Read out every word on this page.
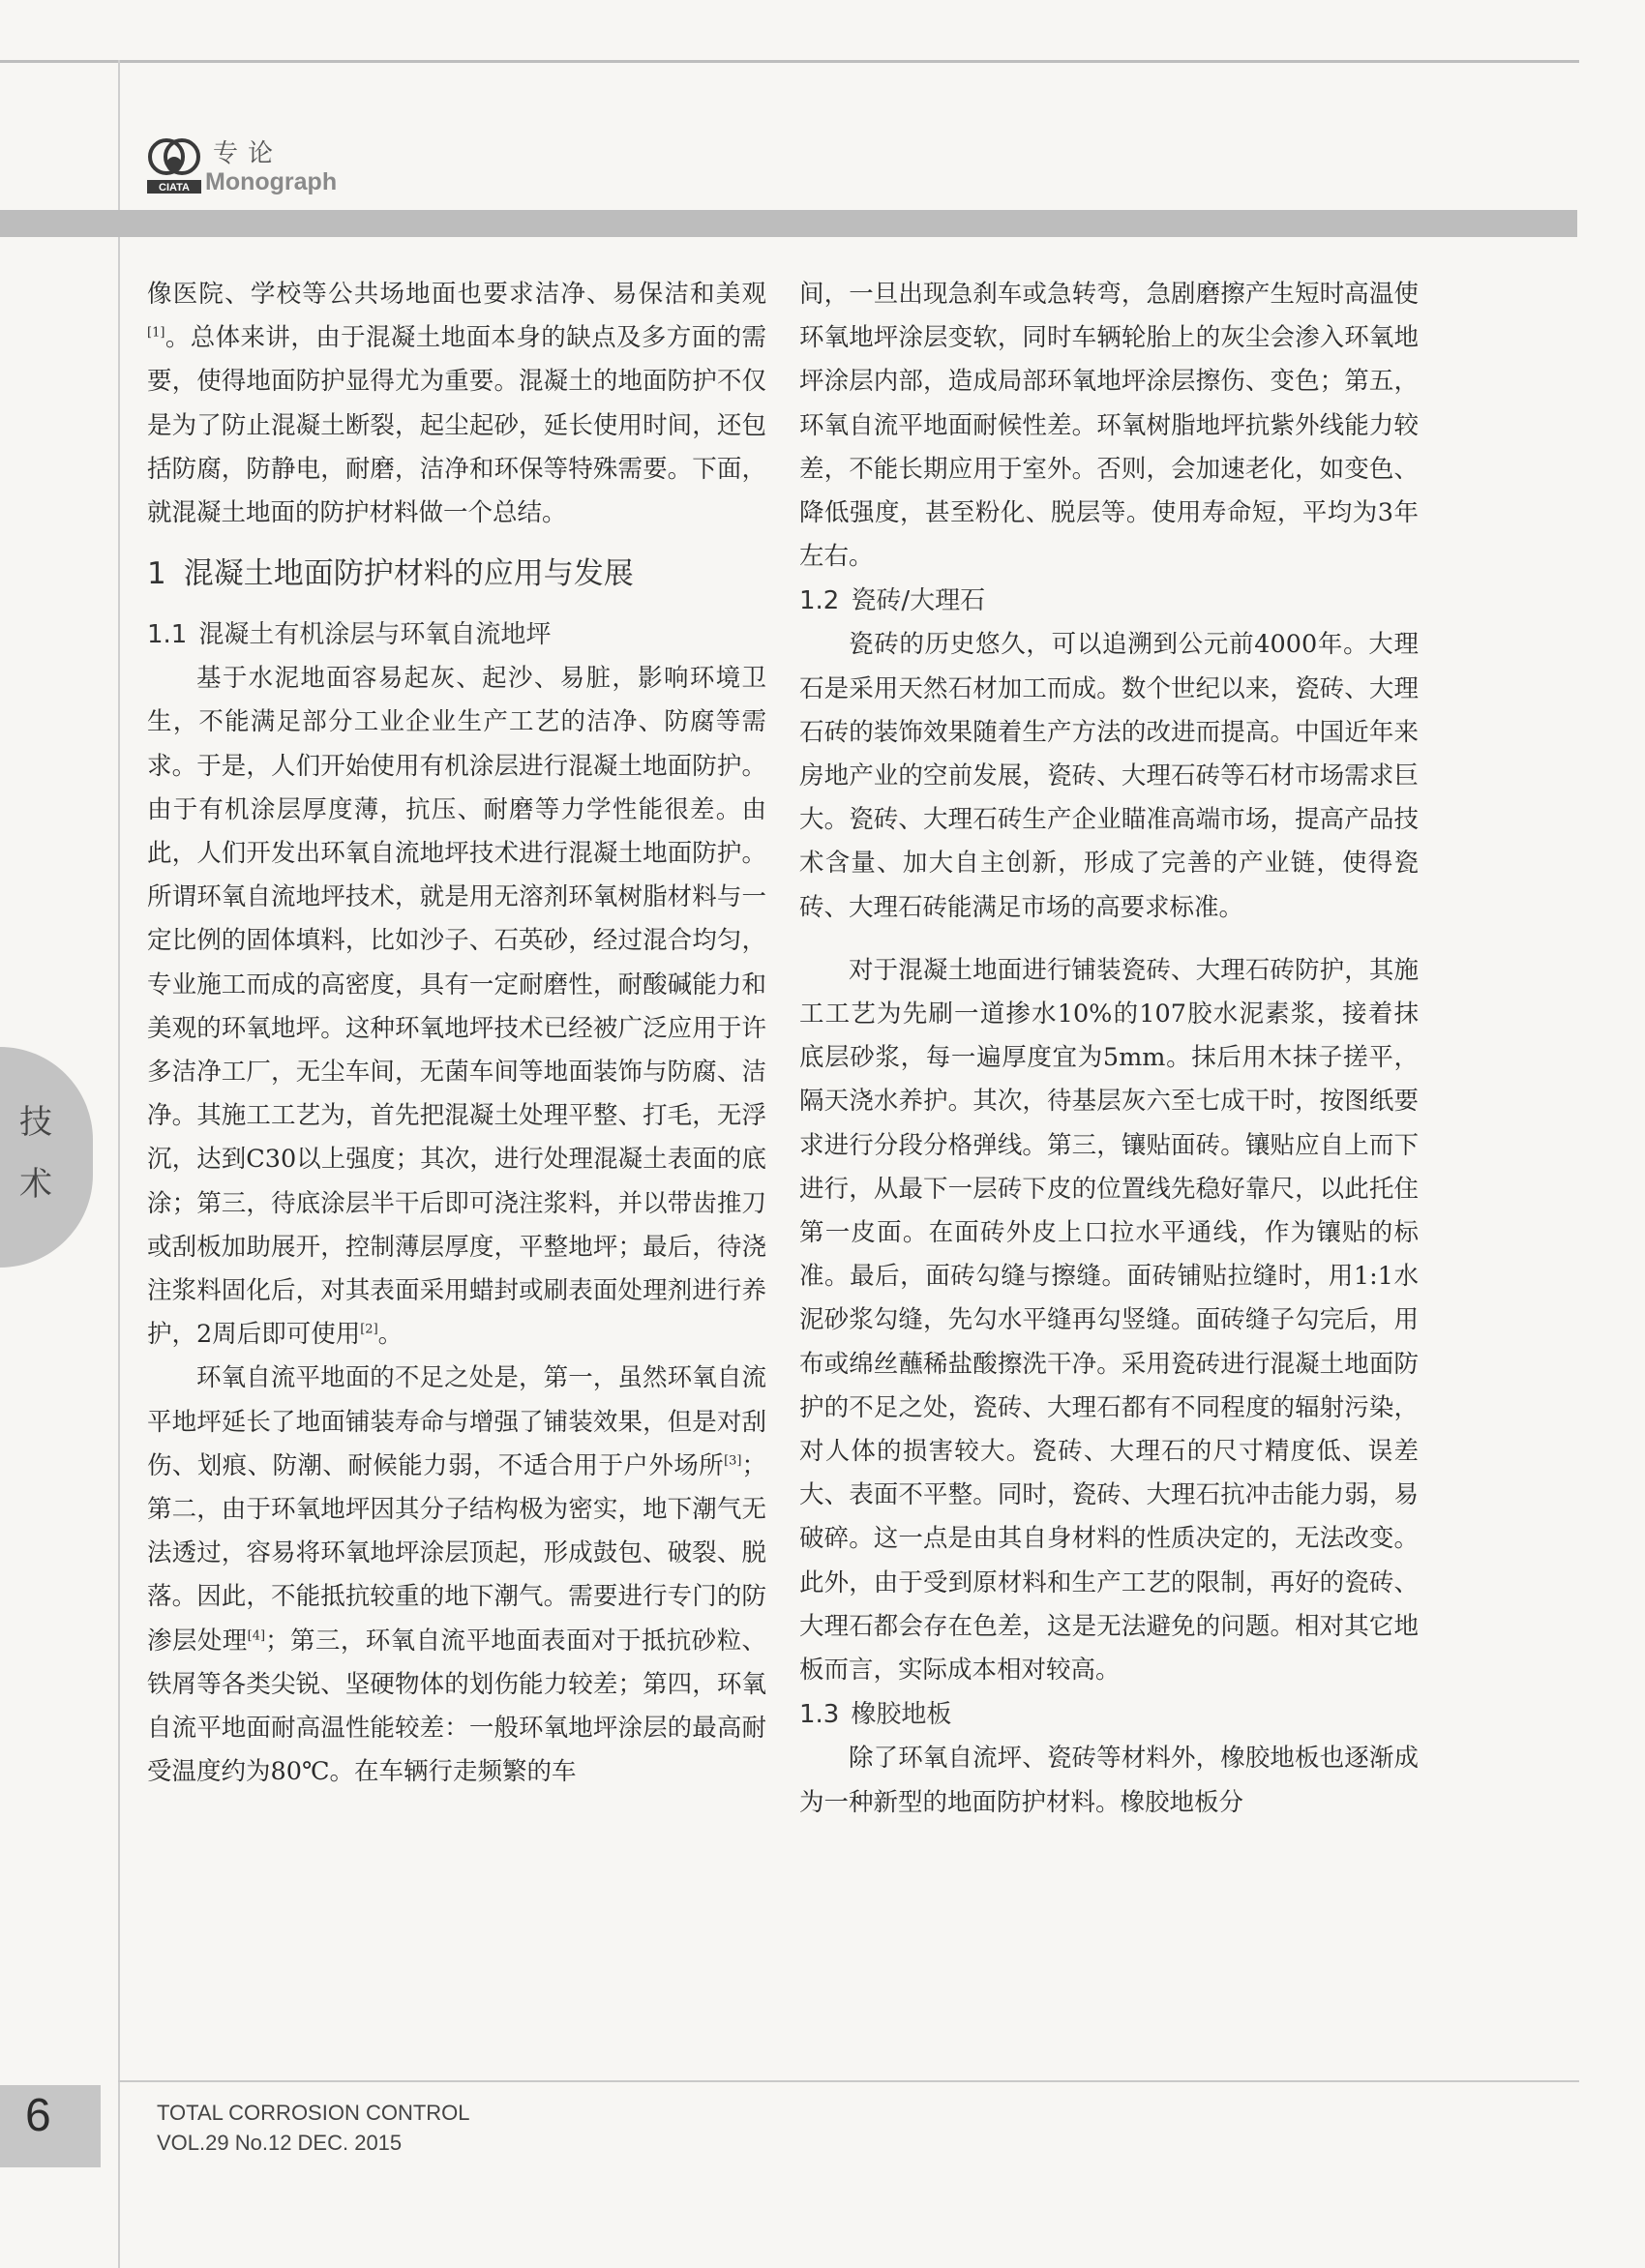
CIATA
专论
Monograph
技术

像医院、学校等公共场地面也要求洁净、易保洁和美观[1]。总体来讲，由于混凝土地面本身的缺点及多方面的需要，使得地面防护显得尤为重要。混凝土的地面防护不仅是为了防止混凝土断裂，起尘起砂，延长使用时间，还包括防腐，防静电，耐磨，洁净和环保等特殊需要。下面，就混凝土地面的防护材料做一个总结。

1 混凝土地面防护材料的应用与发展
1.1 混凝土有机涂层与环氧自流地坪

基于水泥地面容易起灰、起沙、易脏，影响环境卫生，不能满足部分工业企业生产工艺的洁净、防腐等需求。于是，人们开始使用有机涂层进行混凝土地面防护。由于有机涂层厚度薄，抗压、耐磨等力学性能很差。由此，人们开发出环氧自流地坪技术进行混凝土地面防护。所谓环氧自流地坪技术，就是用无溶剂环氧树脂材料与一定比例的固体填料，比如沙子、石英砂，经过混合均匀，专业施工而成的高密度，具有一定耐磨性，耐酸碱能力和美观的环氧地坪。这种环氧地坪技术已经被广泛应用于许多洁净工厂，无尘车间，无菌车间等地面装饰与防腐、洁净。其施工工艺为，首先把混凝土处理平整、打毛，无浮沉，达到C30以上强度；其次，进行处理混凝土表面的底涂；第三，待底涂层半干后即可浇注浆料，并以带齿推刀或刮板加助展开，控制薄层厚度，平整地坪；最后，待浇注浆料固化后，对其表面采用蜡封或刷表面处理剂进行养护，2周后即可使用[2]。

环氧自流平地面的不足之处是，第一，虽然环氧自流平地坪延长了地面铺装寿命与增强了铺装效果，但是对刮伤、划痕、防潮、耐候能力弱，不适合用于户外场所[3]；第二，由于环氧地坪因其分子结构极为密实，地下潮气无法透过，容易将环氧地坪涂层顶起，形成鼓包、破裂、脱落。因此，不能抵抗较重的地下潮气。需要进行专门的防渗层处理[4]；第三，环氧自流平地面表面对于抵抗砂粒、铁屑等各类尖锐、坚硬物体的划伤能力较差；第四，环氧自流平地面耐高温性能较差：一般环氧地坪涂层的最高耐受温度约为80℃。在车辆行走频繁的车

间，一旦出现急刹车或急转弯，急剧磨擦产生短时高温使环氧地坪涂层变软，同时车辆轮胎上的灰尘会渗入环氧地坪涂层内部，造成局部环氧地坪涂层擦伤、变色；第五，环氧自流平地面耐候性差。环氧树脂地坪抗紫外线能力较差，不能长期应用于室外。否则，会加速老化，如变色、降低强度，甚至粉化、脱层等。使用寿命短，平均为3年左右。

1.2 瓷砖/大理石

瓷砖的历史悠久，可以追溯到公元前4000年。大理石是采用天然石材加工而成。数个世纪以来，瓷砖、大理石砖的装饰效果随着生产方法的改进而提高。中国近年来房地产业的空前发展，瓷砖、大理石砖等石材市场需求巨大。瓷砖、大理石砖生产企业瞄准高端市场，提高产品技术含量、加大自主创新，形成了完善的产业链，使得瓷砖、大理石砖能满足市场的高要求标准。

对于混凝土地面进行铺装瓷砖、大理石砖防护，其施工工艺为先刷一道掺水10%的107胶水泥素浆，接着抹底层砂浆，每一遍厚度宜为5mm。抹后用木抹子搓平，隔天浇水养护。其次，待基层灰六至七成干时，按图纸要求进行分段分格弹线。第三，镶贴面砖。镶贴应自上而下进行，从最下一层砖下皮的位置线先稳好靠尺，以此托住第一皮面。在面砖外皮上口拉水平通线，作为镶贴的标准。最后，面砖勾缝与擦缝。面砖铺贴拉缝时，用1:1水泥砂浆勾缝，先勾水平缝再勾竖缝。面砖缝子勾完后，用布或绵丝蘸稀盐酸擦洗干净。采用瓷砖进行混凝土地面防护的不足之处，瓷砖、大理石都有不同程度的辐射污染，对人体的损害较大。瓷砖、大理石的尺寸精度低、误差大、表面不平整。同时，瓷砖、大理石抗冲击能力弱，易破碎。这一点是由其自身材料的性质决定的，无法改变。此外，由于受到原材料和生产工艺的限制，再好的瓷砖、大理石都会存在色差，这是无法避免的问题。相对其它地板而言，实际成本相对较高。

1.3 橡胶地板

除了环氧自流坪、瓷砖等材料外，橡胶地板也逐渐成为一种新型的地面防护材料。橡胶地板分

6	TOTAL CORROSION CONTROL
VOL.29 No.12 DEC. 2015
